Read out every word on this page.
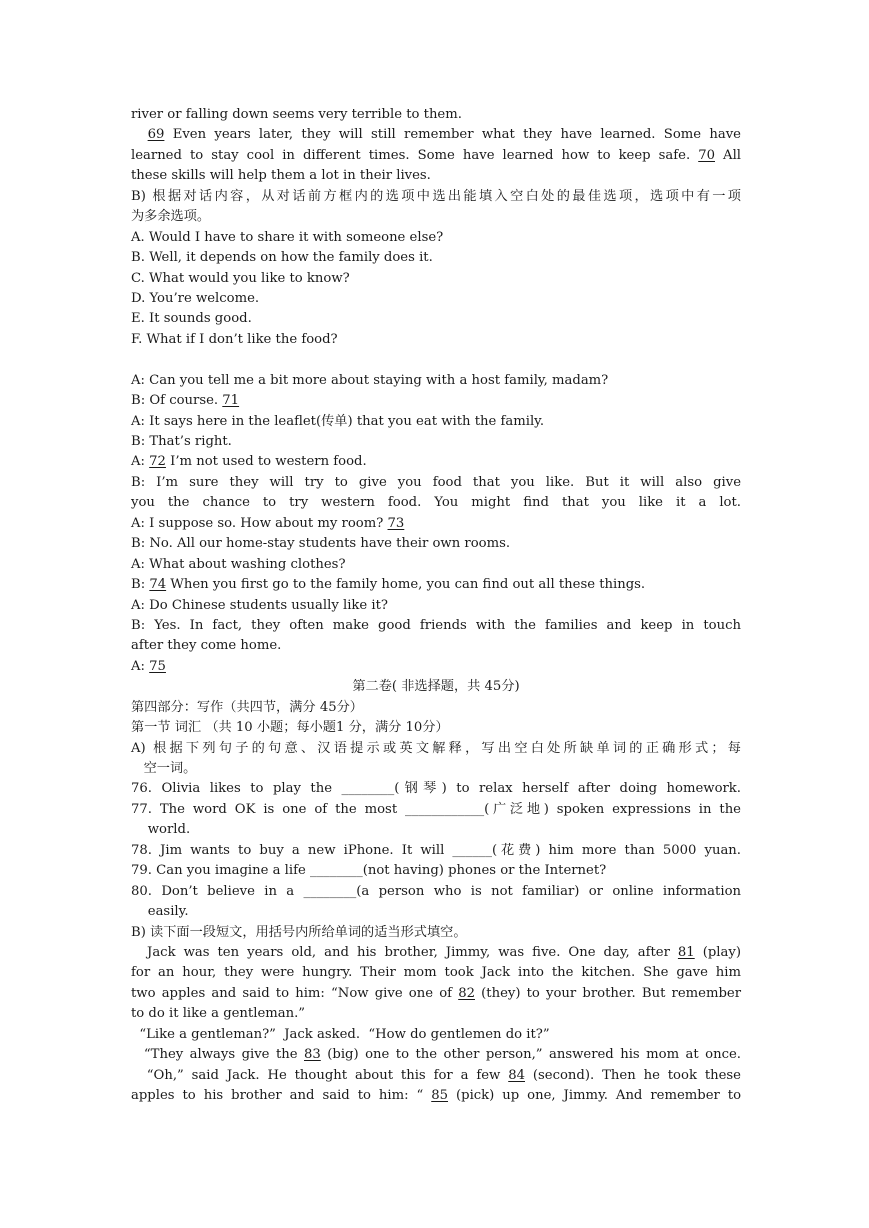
river or falling down seems very terrible to them.
69 Even years later, they will still remember what they have learned. Some have
learned to stay cool in different times. Some have learned how to keep safe. 70 All
these skills will help them a lot in their lives.
B) 根据对话内容，从对话前方框内的选项中选出能填入空白处的最佳选项，选项中有一项
为多余选项。
A. Would I have to share it with someone else?
B. Well, it depends on how the family does it.
C. What would you like to know?
D. You’re welcome.
E. It sounds good.
F. What if I don’t like the food?

A: Can you tell me a bit more about staying with a host family, madam?
B: Of course. 71
A: It says here in the leaflet(传单) that you eat with the family.
B: That’s right.
A: 72 I’m not used to western food.
B: I’m sure they will try to give you food that you like. But it will also give
you the chance to try western food. You might find that you like it a lot.
A: I suppose so. How about my room? 73
B: No. All our home-stay students have their own rooms.
A: What about washing clothes?
B: 74 When you first go to the family home, you can find out all these things.
A: Do Chinese students usually like it?
B: Yes. In fact, they often make good friends with the families and keep in touch
after they come home.
A: 75
第二卷( 非选择题，共 45分)
第四部分：写作（共四节，满分 45分）
第一节 词汇 （共 10 小题；每小题1 分，满分 10分）
A) 根据下列句子的句意、汉语提示或英文解释，写出空白处所缺单词的正确形式；每
空一词。
76. Olivia likes to play the ________(钢琴) to relax herself after doing homework.
77. The word OK is one of the most ____________(广泛地) spoken expressions in the
world.
78. Jim wants to buy a new iPhone. It will ______(花费) him more than 5000 yuan.
79. Can you imagine a life ________(not having) phones or the Internet?
80. Don’t believe in a ________(a person who is not familiar) or online information
easily.
B) 读下面一段短文，用括号内所给单词的适当形式填空。
Jack was ten years old, and his brother, Jimmy, was five. One day, after 81 (play)
for an hour, they were hungry. Their mom took Jack into the kitchen. She gave him
two apples and said to him: “Now give one of 82 (they) to your brother. But remember
to do it like a gentleman.”
“Like a gentleman?”  Jack asked.  “How do gentlemen do it?”
“They always give the 83 (big) one to the other person,” answered his mom at once.
“Oh,” said Jack. He thought about this for a few 84 (second). Then he took these
apples to his brother and said to him: “ 85 (pick) up one, Jimmy. And remember to
